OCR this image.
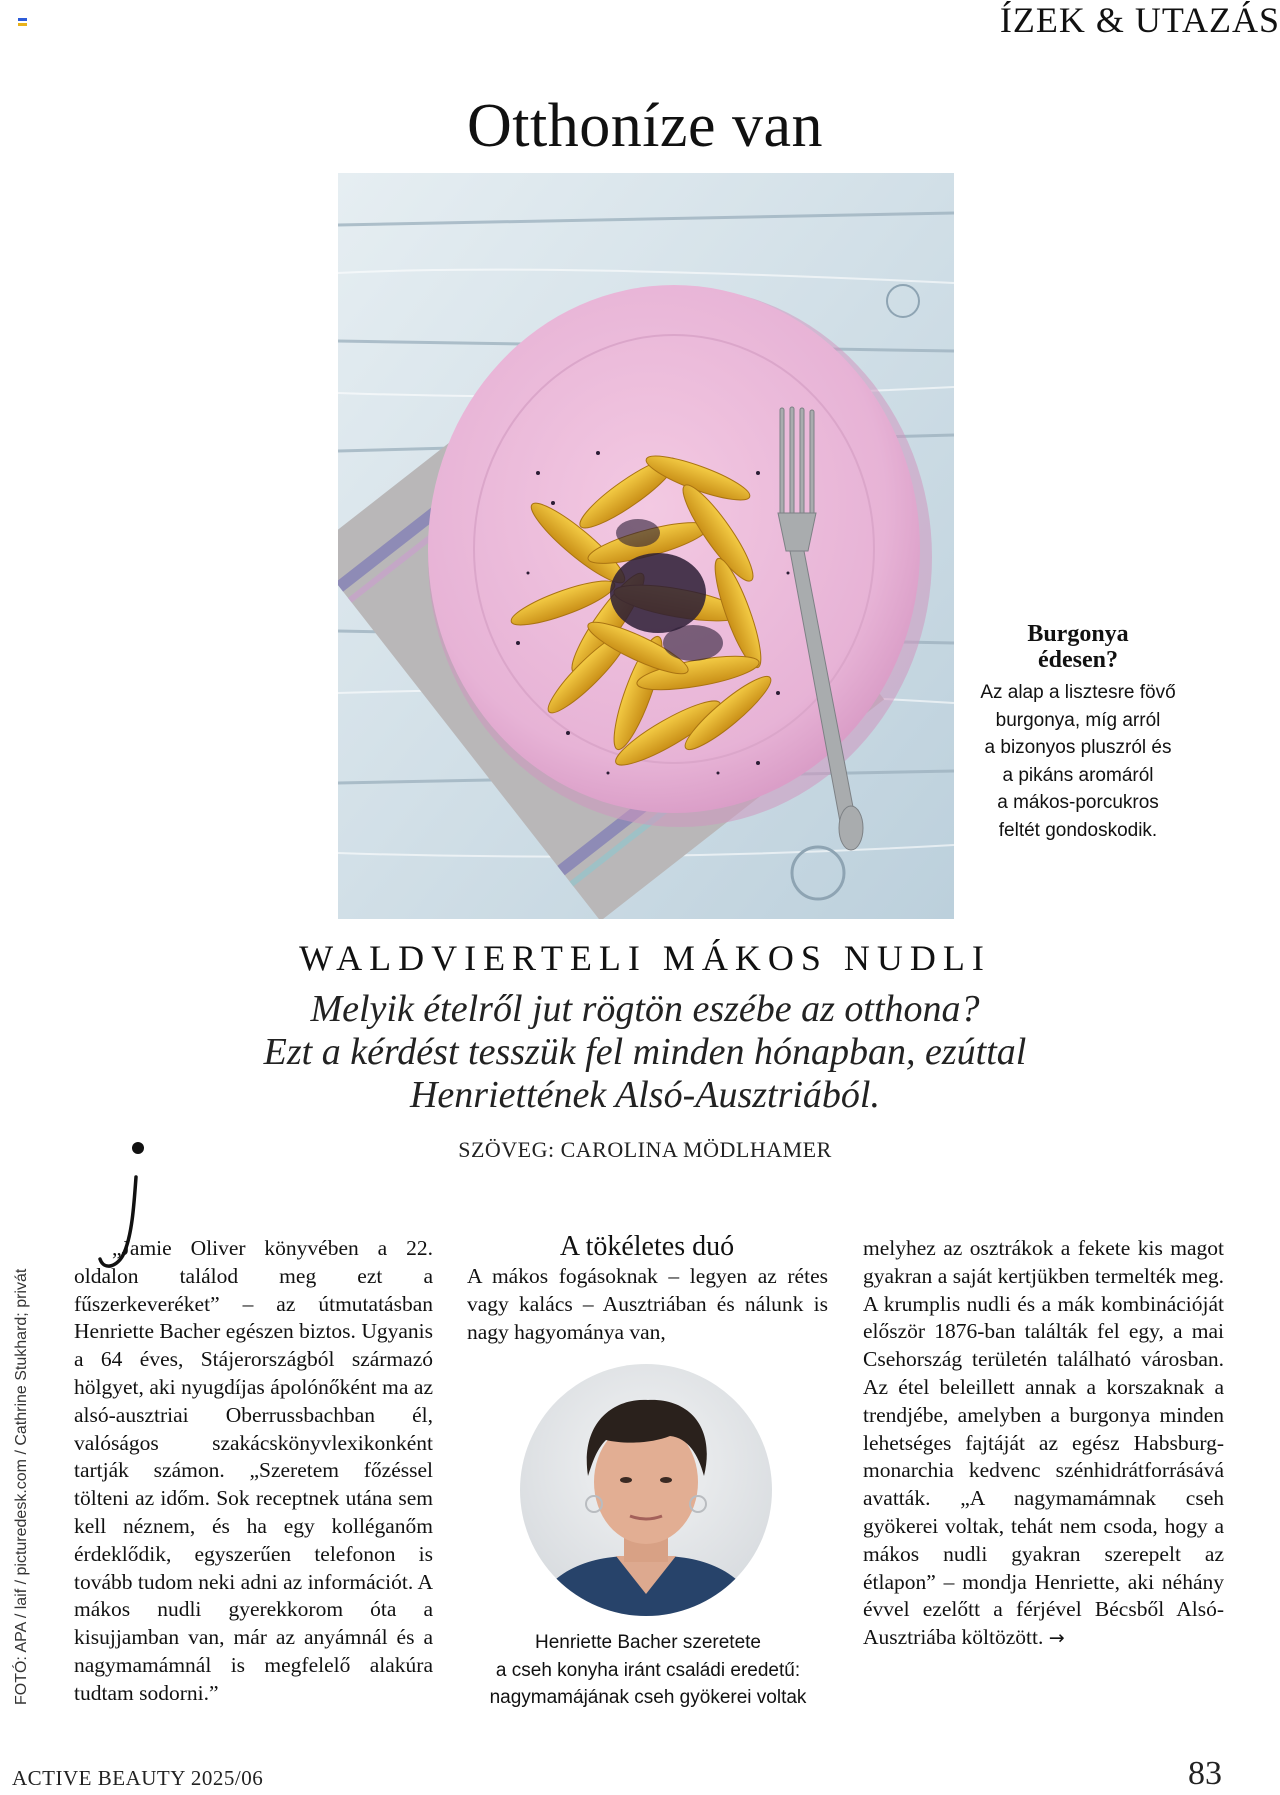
ÍZEK & UTAZÁS
Otthoníze van
Burgonya
édesen?
Az alap a lisztesre fövő
burgonya, míg arról
a bizonyos pluszról és
a pikáns aromáról
a mákos-porcukros
feltét gondoskodik.
WALDVIERTELI MÁKOS NUDLI
Melyik ételről jut rögtön eszébe az otthona?
Ezt a kérdést tesszük fel minden hónapban, ezúttal
Henriettének Alsó-Ausztriából.
SZÖVEG: CAROLINA MÖDLHAMER
„Jamie Oliver könyvében a 22. oldalon találod meg ezt a fűszerkeveréket” – az útmutatásban Henriette Bacher egészen biztos. Ugyanis a 64 éves, Stájerországból származó hölgyet, aki nyugdíjas ápolónőként ma az alsó-ausztriai Oberrussbachban él, valóságos szakácskönyvlexikonként tartják számon. „Szeretem főzéssel tölteni az időm. Sok receptnek utána sem kell néznem, és ha egy kolléganőm érdeklődik, egyszerűen telefonon is tovább tudom neki adni az információt. A mákos nudli gyerekkorom óta a kisujjamban van, már az anyámnál és a nagymamámnál is megfelelő alakúra tudtam sodorni.”
A tökéletes duó
A mákos fogásoknak – legyen az rétes vagy kalács – Ausztriában és nálunk is nagy hagyománya van,
Henriette Bacher szeretete
a cseh konyha iránt családi eredetű:
nagymamájának cseh gyökerei voltak
melyhez az osztrákok a fekete kis magot gyakran a saját kertjükben termelték meg. A krumplis nudli és a mák kombinációját először 1876-ban találták fel egy, a mai Csehország területén található városban. Az étel beleillett annak a korszaknak a trendjébe, amelyben a burgonya minden lehetséges fajtáját az egész Habsburg-monarchia kedvenc szénhidrátforrásává avatták. „A nagymamámnak cseh gyökerei voltak, tehát nem csoda, hogy a mákos nudli gyakran szerepelt az étlapon” – mondja Henriette, aki néhány évvel ezelőtt a férjével Bécsből Alsó-Ausztriába költözött. →
FOTÓ: APA / laif / picturedesk.com / Cathrine Stukhard; privát
ACTIVE BEAUTY 2025/06	83
